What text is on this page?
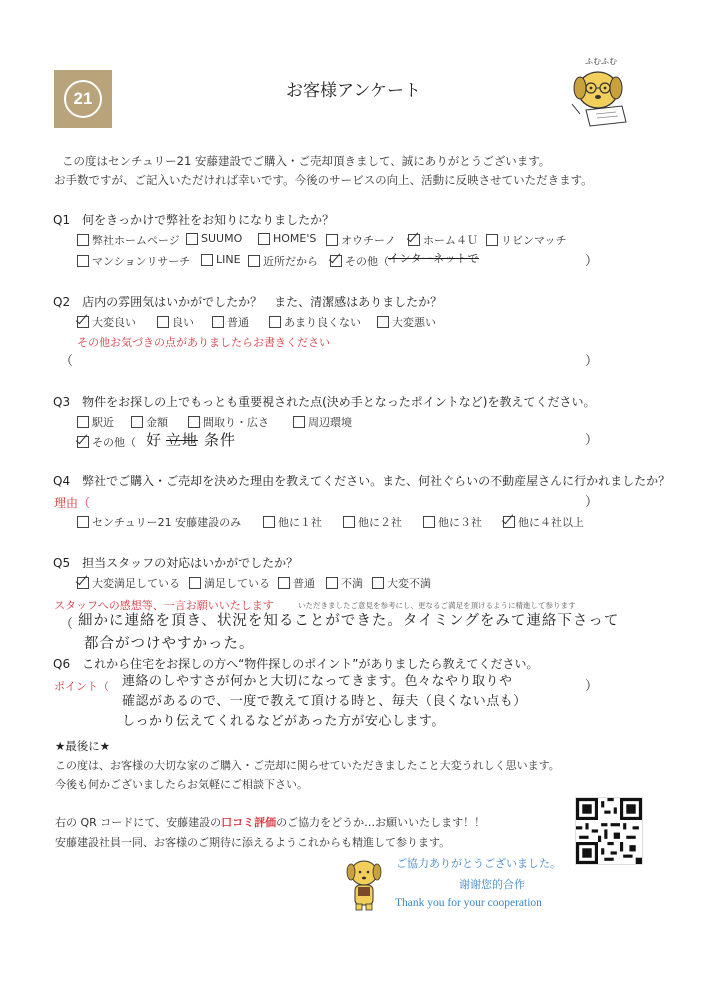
21	お客様アンケート
ふむふむ
この度はセンチュリー21 安藤建設でご購入・ご売却頂きまして、誠にありがとうございます。
お手数ですが、ご記入いただければ幸いです。今後のサービスの向上、活動に反映させていただきます。
Q1　何をきっかけで弊社をお知りになりましたか？
弊社ホームページ SUUMO	HOME'S オウチーノ ホーム４Ｕ リビンマッチ
マンションリサーチ LINE 近所だから その他（ インターネットで	）
Q2　店内の雰囲気はいかがでしたか？　また、清潔感はありましたか？
大変良い	良い	普通	あまり良くない	大変悪い
その他お気づきの点がありましたらお書きください
（	）
Q3　物件をお探しの上でもっとも重要視された点(決め手となったポイントなど)を教えてください。
駅近	金額	間取り・広さ	周辺環境
その他（ 好 立地 条件	）
Q4　弊社でご購入・ご売却を決めた理由を教えてください。また、何社ぐらいの不動産屋さんに行かれましたか？
理由（	）
センチュリー21 安藤建設のみ	他に１社	他に２社	他に３社	他に４社以上
Q5　担当スタッフの対応はいかがでしたか？
大変満足している 満足している 普通 不満 大変不満
スタッフへの感想等、一言お願いいたします	いただきましたご意見を参考にし、更なるご満足を頂けるように精進して参ります
（ 細かに連絡を頂き、状況を知ることができた。タイミングをみて連絡下さって
都合がつけやすかった。
Q6　これから住宅をお探しの方へ“物件探しのポイント”がありましたら教えてください。
ポイント（	）
連絡のしやすさが何かと大切になってきます。色々なやり取りや
確認があるので、一度で教えて頂ける時と、毎夫（良くない点も）
しっかり伝えてくれるなどがあった方が安心します。
★最後に★
この度は、お客様の大切な家のご購入・ご売却に関らせていただきましたこと大変うれしく思います。
今後も何かございましたらお気軽にご相談下さい。
右の QR コードにて、安藤建設の口コミ評価のご協力をどうか…お願いいたします！！
安藤建設社員一同、お客様のご期待に添えるようこれからも精進して参ります。
ご協力ありがとうございました。
谢谢您的合作
Thank you for your cooperation
